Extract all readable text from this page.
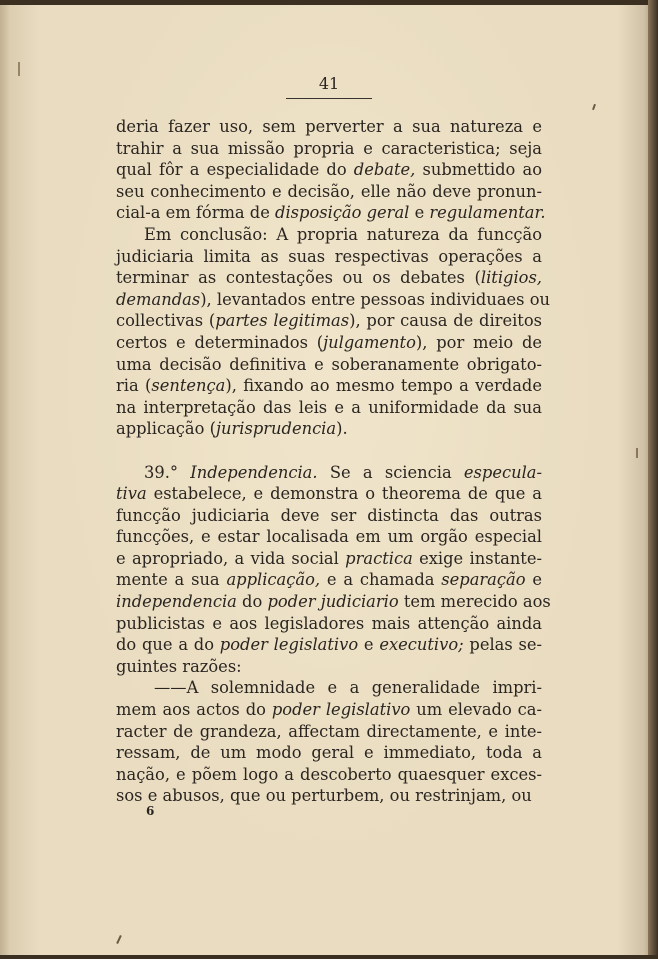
41
deria fazer uso, sem perverter a sua natureza e
trahir a sua missão propria e caracteristica; seja
qual fôr a especialidade do debate, submettido ao
seu conhecimento e decisão, elle não deve pronun-
cial-a em fórma de disposição geral e regulamentar.
Em conclusão: A propria natureza da funcção
judiciaria limita as suas respectivas operações a
terminar as contestações ou os debates (litigios,
demandas), levantados entre pessoas individuaes ou
collectivas (partes legitimas), por causa de direitos
certos e determinados (julgamento), por meio de
uma decisão definitiva e soberanamente obrigato-
ria (sentença), fixando ao mesmo tempo a verdade
na interpretação das leis e a uniformidade da sua
applicação (jurisprudencia).
39.° Independencia. Se a sciencia especula-
tiva estabelece, e demonstra o theorema de que a
funcção judiciaria deve ser distincta das outras
funcções, e estar localisada em um orgão especial
e apropriado, a vida social practica exige instante-
mente a sua applicação, e a chamada separação e
independencia do poder judiciario tem merecido aos
publicistas e aos legisladores mais attenção ainda
do que a do poder legislativo e executivo; pelas se-
guintes razões:
——A solemnidade e a generalidade impri-
mem aos actos do poder legislativo um elevado ca-
racter de grandeza, affectam directamente, e inte-
ressam, de um modo geral e immediato, toda a
nação, e põem logo a descoberto quaesquer exces-
sos e abusos, que ou perturbem, ou restrinjam, ou
6
